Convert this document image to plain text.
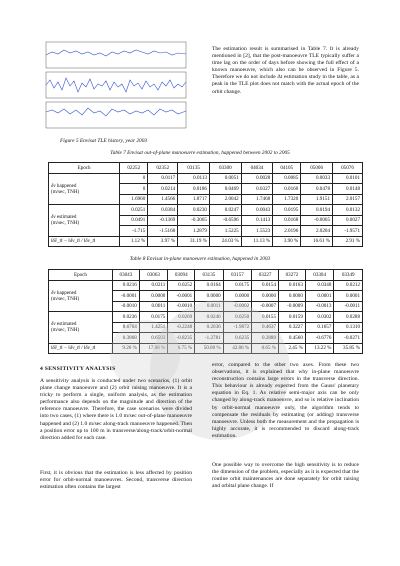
Figure 5 Envisat TLE history, year 2003
The estimation result is summarised in Table 7. It is already mentioned in [2], that the post-manoeuvre TLE typically suffer a time lag on the order of days before showing the full effect of a known manoeuvre, which also can be observed in Figure 5. Therefore we do not include Δt estimation study in the table, as a peak in the TLE plot does not match with the actual epoch of the orbit change.
Table 7 Envisat out-of-plane manoeuvre estimation, happened between 2002 to 2005
Epoch	02252	02352	03135	03300	04034	04105	05006	05076
δv happened
(m/sec, TNH)	0	0.0117	0.0113	0.0051	0.0028	0.0085	0.0033	0.0101
	0	0.0214	0.0186	0.0469	0.0327	0.0160	0.0478	0.0148
	1.6960	1.4566	1.8717	2.0042	1.7468	1.7320	1.9151	2.0157
δv estimated
(m/sec, TNH)	0.0251	0.0384	0.0230	0.0247	0.0043	0.0195	0.0194	0.0132
	0.0491	-0.1369	-0.3065	-0.6596	0.1413	0.0168	-0.0065	0.0027
	-1.715	-1.5168	1.2879	1.5225	1.5523	2.0196	2.0204	-1.9571
‖δv̂_t‖ − ‖δv_t‖ / ‖δv_t‖	1.12 %	3.97 %	31.19 %	24.03 %	11.13 %	3.90 %	16.61 %	2.91 %
Table 8 Envisat in-plane manoeuvre estimation, happened in 2003
Epoch	03043	03063	03094	03135	03157	03227	03272	03304	03349
δv happened
(m/sec, TNH)	0.0216	0.0211	0.0252	0.0164	0.0175	0.0154	0.0163	0.0348	0.0212
	-0.0001	0.0000	-0.0001	0.0000	0.0000	0.0000	0.0000	0.0001	0.0001
	-0.0010	0.0011	-0.0010	0.0011	-0.0002	-0.0007	-0.0009	-0.0013	-0.0011
δv estimated
(m/sec, TNH)	0.0236	0.0175	0.0269	0.0246	0.0250	0.0155	0.0159	0.0302	0.0288
	0.6704	1.4251	-0.2248	0.2036	-1.9872	0.4637	0.3227	0.1657	0.1310
	0.3868	0.6503	-0.8235	-1.2781	0.6235	0.2880	0.4560	-0.6776	-0.0271
‖δv̂_t‖ − ‖δv_t‖ / ‖δv_t‖	9.26 %	17.06 %	6.75 %	50.00 %	42.86 %	0.65 %	2.45 %	13.22 %	35.85 %
4 SENSITIVITY ANALYSIS
A sensitivity analysis is conducted under two scenarios, (1) orbit plane change manoeuvre and (2) orbit raising manoeuvre. It is a tricky to perform a single, uniform analysis, as the estimation performance also depends on the magnitude and direction of the reference manoeuvre. Therefore, the case scenarios were divided into two cases, (1) where there is 1.0 m/sec out-of-plane manoeuvre happened and (2) 1.0 m/sec along-track manoeuvre happened. Then a position error up to 100 m in transverse/along-track/orbit-normal direction added for each case.
First, it is obvious that the estimation is less affected by position error for orbit-normal manoeuvres. Second, transverse direction estimation often contains the largest
error, compared to the other two axes. From these two observations, it is explained that why in-plane manoeuvre reconstruction contains large errors in the transverse direction. This behaviour is already expected from the Gauss' planetary equation in Eq. 1. As relative semi-major axis can be only changed by along-track manoeuvre, and so is relative inclination by orbit-normal manoeuvre only, the algorithm tends to compensate the residuals by estimating (or adding) transverse manoeuvre. Unless both the measurement and the propagation is highly accurate, it is recommended to discard along-track estimation.
One possible way to overcome the high sensitivity is to reduce the dimension of the problem, especially as it is expected that the routine orbit maintenances are done separately for orbit raising and orbital plane change. If
